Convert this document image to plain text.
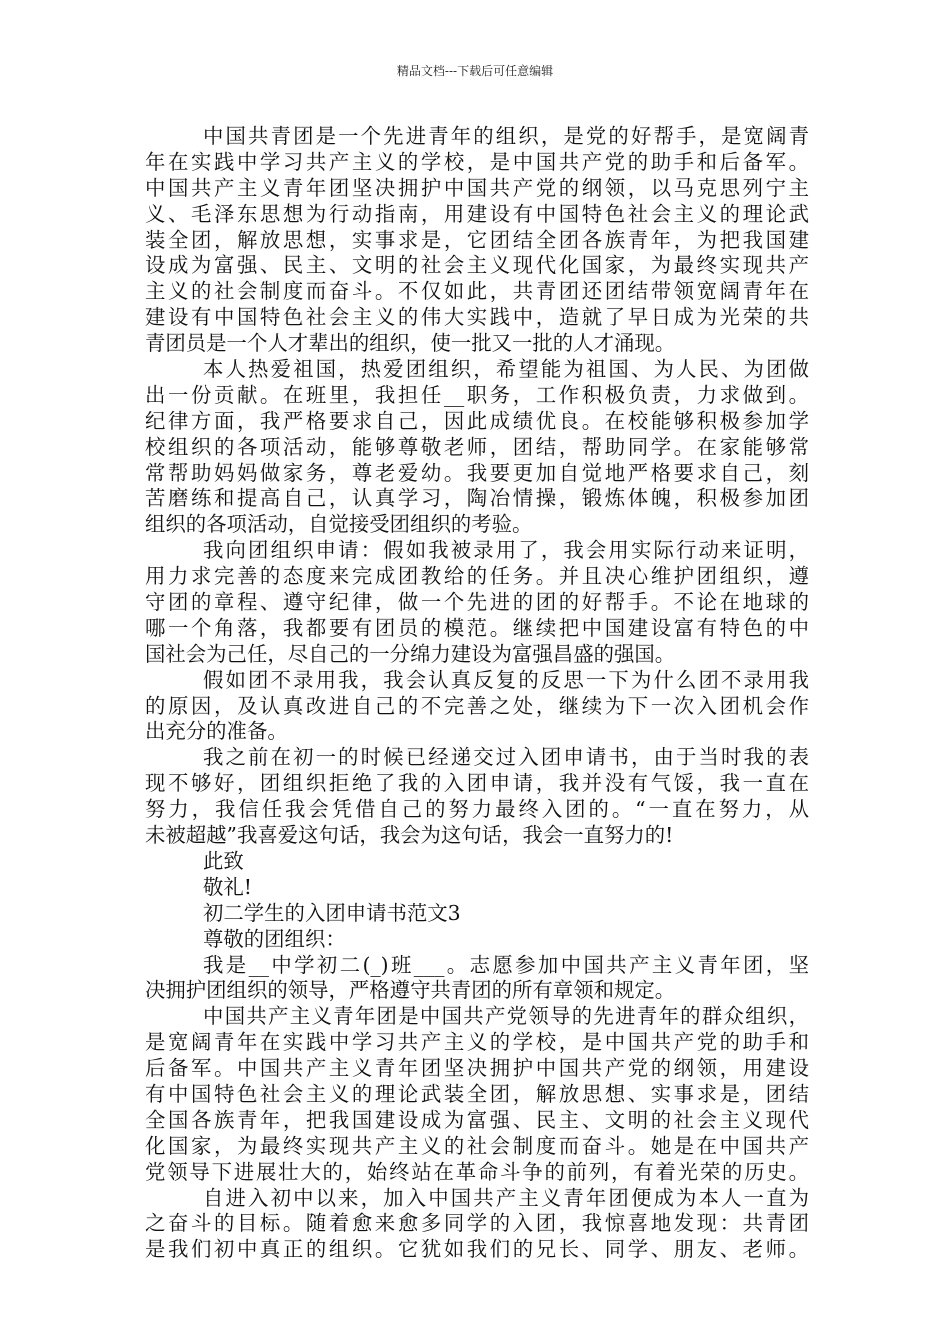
精品文档---下载后可任意编辑
中国共青团是一个先进青年的组织，是党的好帮手，是宽阔青
年在实践中学习共产主义的学校，是中国共产党的助手和后备军。
中国共产主义青年团坚决拥护中国共产党的纲领，以马克思列宁主
义、毛泽东思想为行动指南，用建设有中国特色社会主义的理论武
装全团，解放思想，实事求是，它团结全团各族青年，为把我国建
设成为富强、民主、文明的社会主义现代化国家，为最终实现共产
主义的社会制度而奋斗。不仅如此，共青团还团结带领宽阔青年在
建设有中国特色社会主义的伟大实践中，造就了早日成为光荣的共
青团员是一个人才辈出的组织，使一批又一批的人才涌现。
本人热爱祖国，热爱团组织，希望能为祖国、为人民、为团做
出一份贡献。在班里，我担任__职务，工作积极负责，力求做到。
纪律方面，我严格要求自己，因此成绩优良。在校能够积极参加学
校组织的各项活动，能够尊敬老师，团结，帮助同学。在家能够常
常帮助妈妈做家务，尊老爱幼。我要更加自觉地严格要求自己，刻
苦磨练和提高自己，认真学习，陶冶情操，锻炼体魄，积极参加团
组织的各项活动，自觉接受团组织的考验。
我向团组织申请：假如我被录用了，我会用实际行动来证明，
用力求完善的态度来完成团教给的任务。并且决心维护团组织，遵
守团的章程、遵守纪律，做一个先进的团的好帮手。不论在地球的
哪一个角落，我都要有团员的模范。继续把中国建设富有特色的中
国社会为己任，尽自己的一分绵力建设为富强昌盛的强国。
假如团不录用我，我会认真反复的反思一下为什么团不录用我
的原因，及认真改进自己的不完善之处，继续为下一次入团机会作
出充分的准备。
我之前在初一的时候已经递交过入团申请书，由于当时我的表
现不够好，团组织拒绝了我的入团申请，我并没有气馁，我一直在
努力，我信任我会凭借自己的努力最终入团的。“一直在努力，从
未被超越”我喜爱这句话，我会为这句话，我会一直努力的!
此致
敬礼!
初二学生的入团申请书范文3
尊敬的团组织：
我是__中学初二(_)班___。志愿参加中国共产主义青年团，坚
决拥护团组织的领导，严格遵守共青团的所有章领和规定。
中国共产主义青年团是中国共产党领导的先进青年的群众组织，
是宽阔青年在实践中学习共产主义的学校，是中国共产党的助手和
后备军。中国共产主义青年团坚决拥护中国共产党的纲领，用建设
有中国特色社会主义的理论武装全团，解放思想、实事求是，团结
全国各族青年，把我国建设成为富强、民主、文明的社会主义现代
化国家，为最终实现共产主义的社会制度而奋斗。她是在中国共产
党领导下进展壮大的，始终站在革命斗争的前列，有着光荣的历史。
自进入初中以来，加入中国共产主义青年团便成为本人一直为
之奋斗的目标。随着愈来愈多同学的入团，我惊喜地发现：共青团
是我们初中真正的组织。它犹如我们的兄长、同学、朋友、老师。
